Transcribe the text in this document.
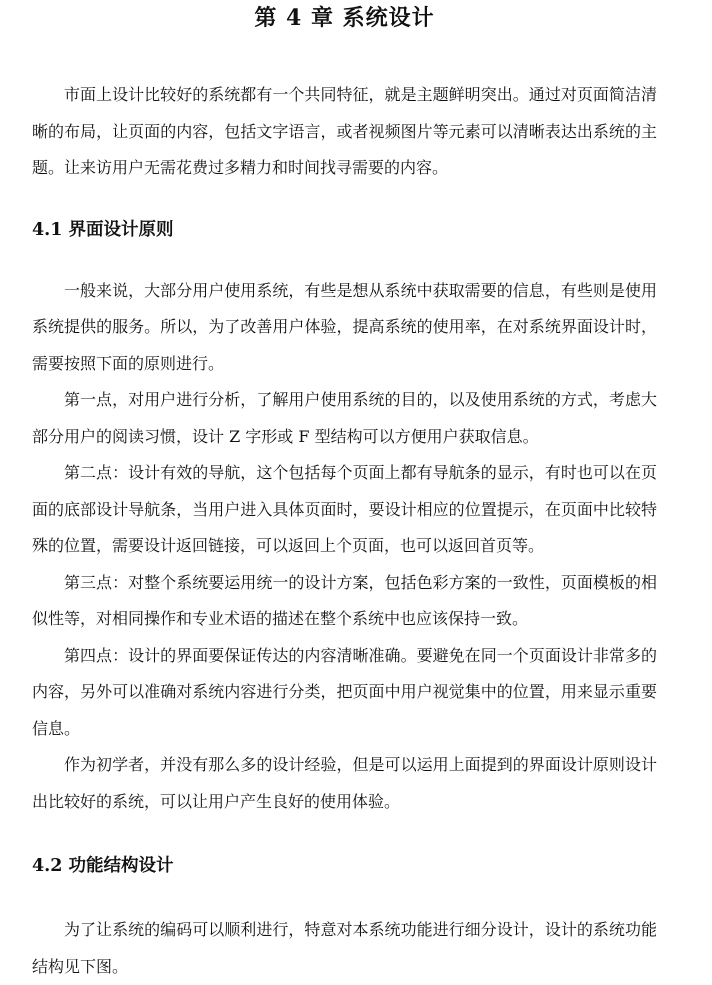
第 4 章 系统设计

市面上设计比较好的系统都有一个共同特征，就是主题鲜明突出。通过对页面简洁清晰的布局，让页面的内容，包括文字语言，或者视频图片等元素可以清晰表达出系统的主题。让来访用户无需花费过多精力和时间找寻需要的内容。

4.1 界面设计原则

一般来说，大部分用户使用系统，有些是想从系统中获取需要的信息，有些则是使用系统提供的服务。所以，为了改善用户体验，提高系统的使用率，在对系统界面设计时，需要按照下面的原则进行。

第一点，对用户进行分析，了解用户使用系统的目的，以及使用系统的方式，考虑大部分用户的阅读习惯，设计 Z 字形或 F 型结构可以方便用户获取信息。

第二点：设计有效的导航，这个包括每个页面上都有导航条的显示，有时也可以在页面的底部设计导航条，当用户进入具体页面时，要设计相应的位置提示，在页面中比较特殊的位置，需要设计返回链接，可以返回上个页面，也可以返回首页等。

第三点：对整个系统要运用统一的设计方案，包括色彩方案的一致性，页面模板的相似性等，对相同操作和专业术语的描述在整个系统中也应该保持一致。

第四点：设计的界面要保证传达的内容清晰准确。要避免在同一个页面设计非常多的内容，另外可以准确对系统内容进行分类，把页面中用户视觉集中的位置，用来显示重要信息。

作为初学者，并没有那么多的设计经验，但是可以运用上面提到的界面设计原则设计出比较好的系统，可以让用户产生良好的使用体验。

4.2 功能结构设计

为了让系统的编码可以顺利进行，特意对本系统功能进行细分设计，设计的系统功能结构见下图。
